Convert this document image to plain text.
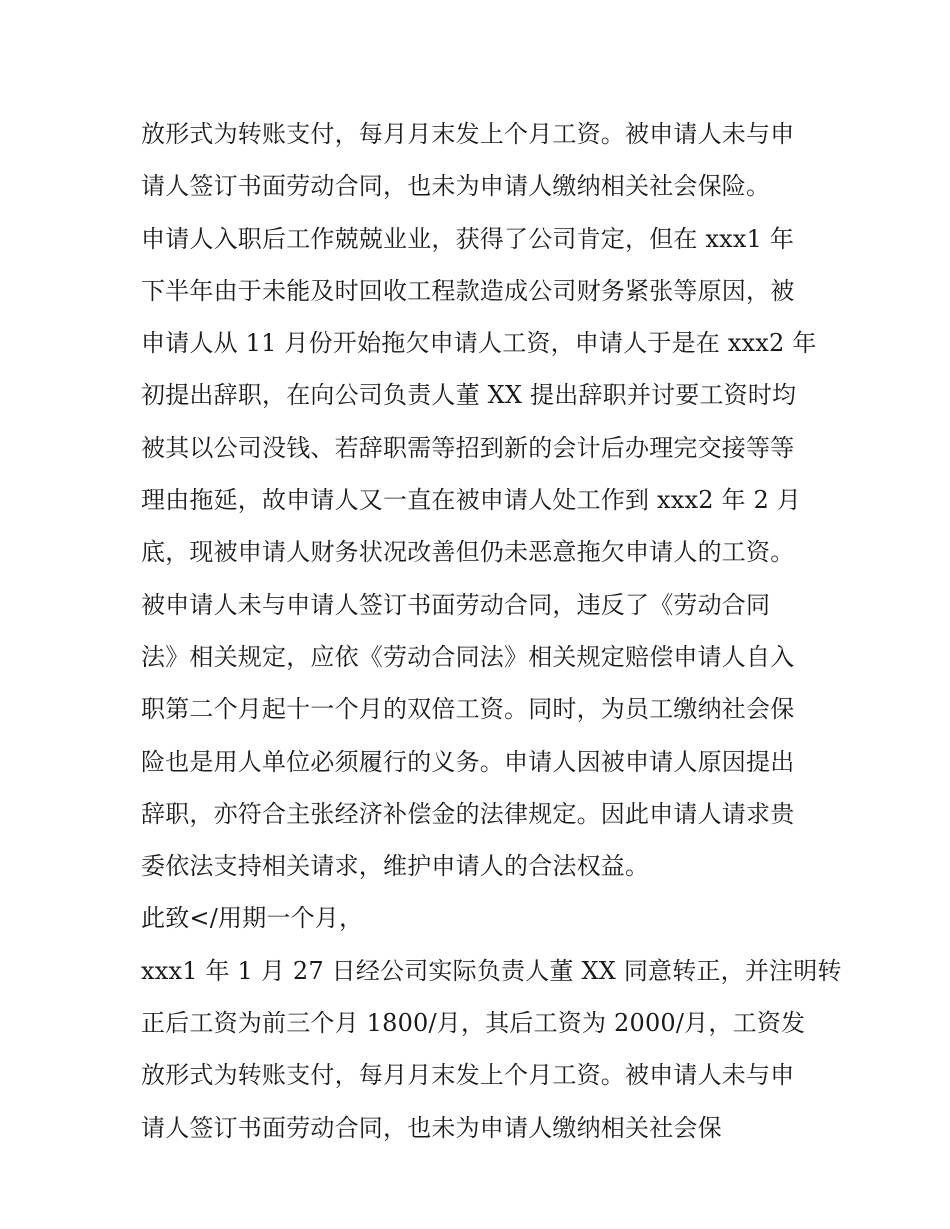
放形式为转账支付，每月月末发上个月工资。被申请人未与申
请人签订书面劳动合同，也未为申请人缴纳相关社会保险。
申请人入职后工作兢兢业业，获得了公司肯定，但在 xxx1 年
下半年由于未能及时回收工程款造成公司财务紧张等原因，被
申请人从 11 月份开始拖欠申请人工资，申请人于是在 xxx2 年
初提出辞职，在向公司负责人董 XX 提出辞职并讨要工资时均
被其以公司没钱、若辞职需等招到新的会计后办理完交接等等
理由拖延，故申请人又一直在被申请人处工作到 xxx2 年 2 月
底，现被申请人财务状况改善但仍未恶意拖欠申请人的工资。
被申请人未与申请人签订书面劳动合同，违反了《劳动合同
法》相关规定，应依《劳动合同法》相关规定赔偿申请人自入
职第二个月起十一个月的双倍工资。同时，为员工缴纳社会保
险也是用人单位必须履行的义务。申请人因被申请人原因提出
辞职，亦符合主张经济补偿金的法律规定。因此申请人请求贵
委依法支持相关请求，维护申请人的合法权益。
此致</用期一个月，
xxx1 年 1 月 27 日经公司实际负责人董 XX 同意转正，并注明转
正后工资为前三个月 1800/月，其后工资为 2000/月，工资发
放形式为转账支付，每月月末发上个月工资。被申请人未与申
请人签订书面劳动合同，也未为申请人缴纳相关社会保
